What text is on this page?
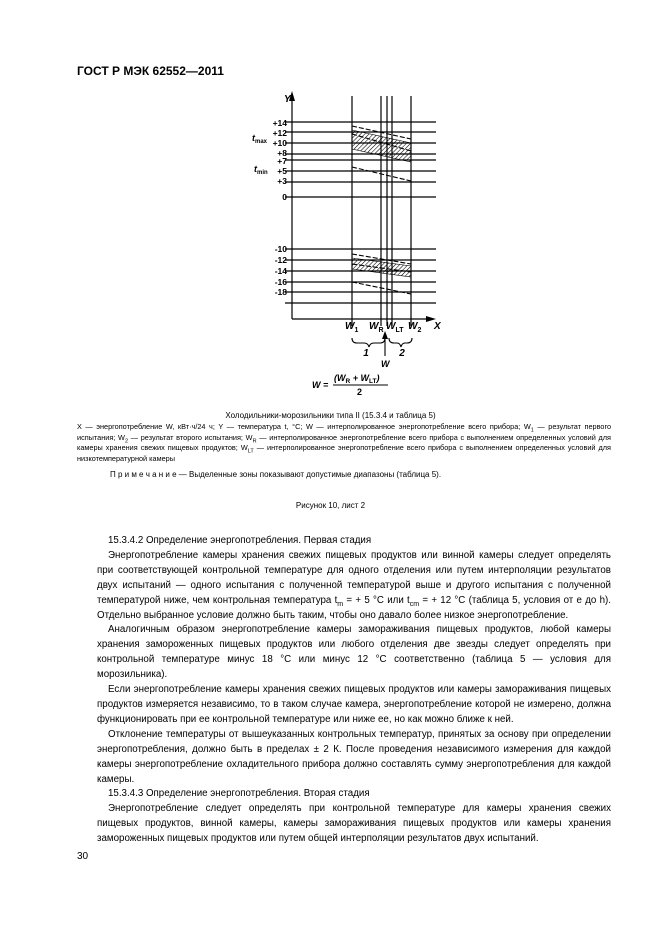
ГОСТ Р МЭК 62552—2011
Y
X
+14
+12
+10
+8
+7
+5
+3
0
-10
-12
-14
-16
-18
$t_{max}$
$t_{min}$
$W_1$ $W_R$ $W_{LT}$ $W_2$
1	2
W
W =
$(W_R + W_{LT})$
2
Холодильники-морозильники типа II (15.3.4 и таблица 5)
X — энергопотребление W, кВт·ч/24 ч; Y — температура t, °С; W — интерполированное энергопотребление всего прибора; $W_1$ — результат первого испытания; $W_2$ — результат второго испытания; $W_R$ — интерполированное энергопотребление всего прибора с выполнением определенных условий для камеры хранения свежих пищевых продуктов; $W_{LT}$ — интерполированное энергопотребление всего прибора с выполнением определенных условий для низкотемпературной камеры
П р и м е ч а н и е — Выделенные зоны показывают допустимые диапазоны (таблица 5).
Рисунок 10, лист 2

15.3.4.2 Определение энергопотребления. Первая стадия

Энергопотребление камеры хранения свежих пищевых продуктов или винной камеры следует определять при соответствующей контрольной температуре для одного отделения или путем интерполяции результатов двух испытаний — одного испытания с полученной температурой выше и другого испытания с полученной температурой ниже, чем контрольная температура $t_m$ = + 5 °С или $t_{cm}$ = + 12 °С (таблица 5, условия от e до h). Отдельно выбранное условие должно быть таким, чтобы оно давало более низкое энергопотребление.

Аналогичным образом энергопотребление камеры замораживания пищевых продуктов, любой камеры хранения замороженных пищевых продуктов или любого отделения две звезды следует определять при контрольной температуре минус 18 °С или минус 12 °С соответственно (таблица 5 — условия для морозильника).

Если энергопотребление камеры хранения свежих пищевых продуктов или камеры замораживания пищевых продуктов измеряется независимо, то в таком случае камера, энергопотребление которой не измерено, должна функционировать при ее контрольной температуре или ниже ее, но как можно ближе к ней.

Отклонение температуры от вышеуказанных контрольных температур, принятых за основу при определении энергопотребления, должно быть в пределах ± 2 К. После проведения независимого измерения для каждой камеры энергопотребление охладительного прибора должно составлять сумму энергопотребления для каждой камеры.

15.3.4.3 Определение энергопотребления. Вторая стадия

Энергопотребление следует определять при контрольной температуре для камеры хранения свежих пищевых продуктов, винной камеры, камеры замораживания пищевых продуктов или камеры хранения замороженных пищевых продуктов или путем общей интерполяции результатов двух испытаний.

30
